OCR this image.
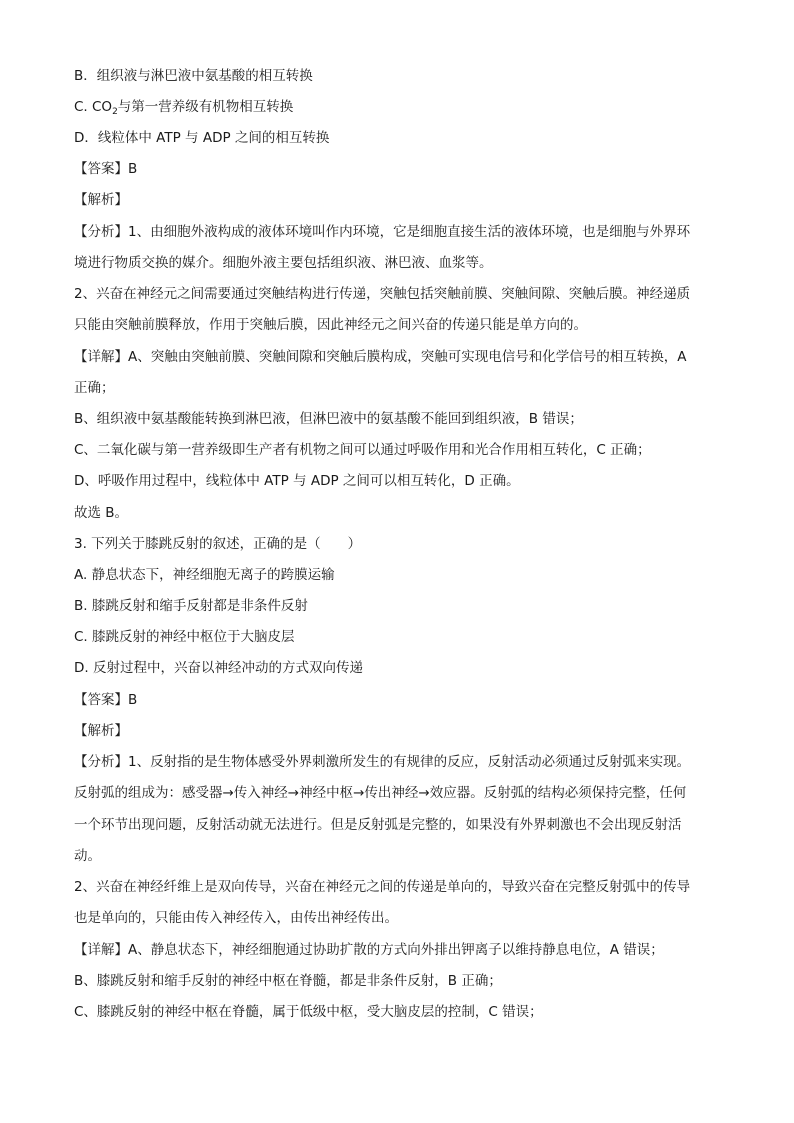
B．组织液与淋巴液中氨基酸的相互转换
C. $CO_2$与第一营养级有机物相互转换
D．线粒体中 ATP 与 ADP 之间的相互转换
【答案】B
【解析】
【分析】1、由细胞外液构成的液体环境叫作内环境，它是细胞直接生活的液体环境，也是细胞与外界环
境进行物质交换的媒介。细胞外液主要包括组织液、淋巴液、血浆等。
2、兴奋在神经元之间需要通过突触结构进行传递，突触包括突触前膜、突触间隙、突触后膜。神经递质
只能由突触前膜释放，作用于突触后膜，因此神经元之间兴奋的传递只能是单方向的。
【详解】A、突触由突触前膜、突触间隙和突触后膜构成，突触可实现电信号和化学信号的相互转换，A
正确；
B、组织液中氨基酸能转换到淋巴液，但淋巴液中的氨基酸不能回到组织液，B 错误；
C、二氧化碳与第一营养级即生产者有机物之间可以通过呼吸作用和光合作用相互转化，C 正确；
D、呼吸作用过程中，线粒体中 ATP 与 ADP 之间可以相互转化，D 正确。
故选 B。
3. 下列关于膝跳反射的叙述，正确的是（　　）
A. 静息状态下，神经细胞无离子的跨膜运输
B. 膝跳反射和缩手反射都是非条件反射
C. 膝跳反射的神经中枢位于大脑皮层
D. 反射过程中，兴奋以神经冲动的方式双向传递
【答案】B
【解析】
【分析】1、反射指的是生物体感受外界刺激所发生的有规律的反应，反射活动必须通过反射弧来实现。
反射弧的组成为：感受器→传入神经→神经中枢→传出神经→效应器。反射弧的结构必须保持完整，任何
一个环节出现问题，反射活动就无法进行。但是反射弧是完整的，如果没有外界刺激也不会出现反射活
动。
2、兴奋在神经纤维上是双向传导，兴奋在神经元之间的传递是单向的，导致兴奋在完整反射弧中的传导
也是单向的，只能由传入神经传入，由传出神经传出。
【详解】A、静息状态下，神经细胞通过协助扩散的方式向外排出钾离子以维持静息电位，A 错误；
B、膝跳反射和缩手反射的神经中枢在脊髓，都是非条件反射，B 正确；
C、膝跳反射的神经中枢在脊髓，属于低级中枢，受大脑皮层的控制，C 错误；
